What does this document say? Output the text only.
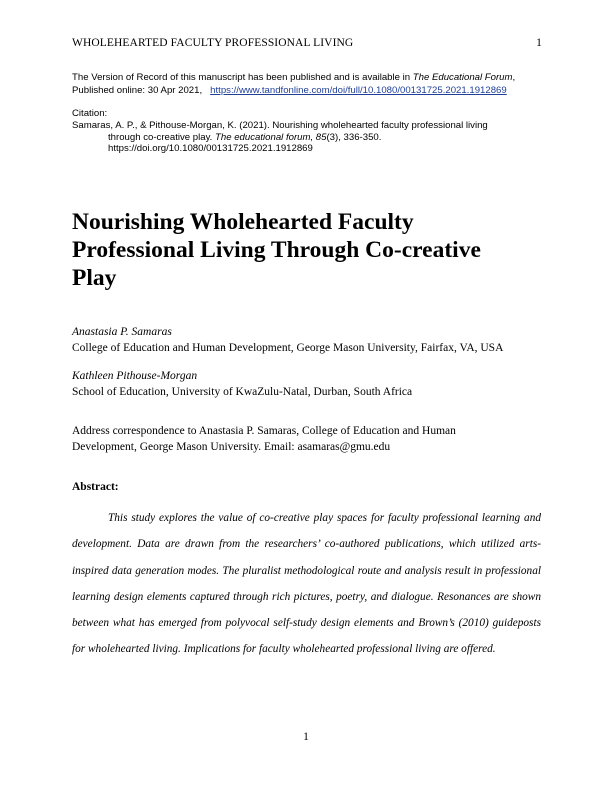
WHOLEHEARTED FACULTY PROFESSIONAL LIVING	1
The Version of Record of this manuscript has been published and is available in The Educational Forum,
Published online: 30 Apr 2021, https://www.tandfonline.com/doi/full/10.1080/00131725.2021.1912869
Citation:
Samaras, A. P., & Pithouse-Morgan, K. (2021). Nourishing wholehearted faculty professional living
through co-creative play. The educational forum, 85(3), 336-350.
https://doi.org/10.1080/00131725.2021.1912869
Nourishing Wholehearted Faculty
Professional Living Through Co-creative
Play
Anastasia P. Samaras
College of Education and Human Development, George Mason University, Fairfax, VA, USA
Kathleen Pithouse-Morgan
School of Education, University of KwaZulu-Natal, Durban, South Africa
Address correspondence to Anastasia P. Samaras, College of Education and Human
Development, George Mason University. Email: asamaras@gmu.edu
Abstract:

This study explores the value of co-creative play spaces for faculty professional learning and development. Data are drawn from the researchers’ co-authored publications, which utilized arts-inspired data generation modes. The pluralist methodological route and analysis result in professional learning design elements captured through rich pictures, poetry, and dialogue. Resonances are shown between what has emerged from polyvocal self-study design elements and Brown’s (2010) guideposts for wholehearted living. Implications for faculty wholehearted professional living are offered.

1
